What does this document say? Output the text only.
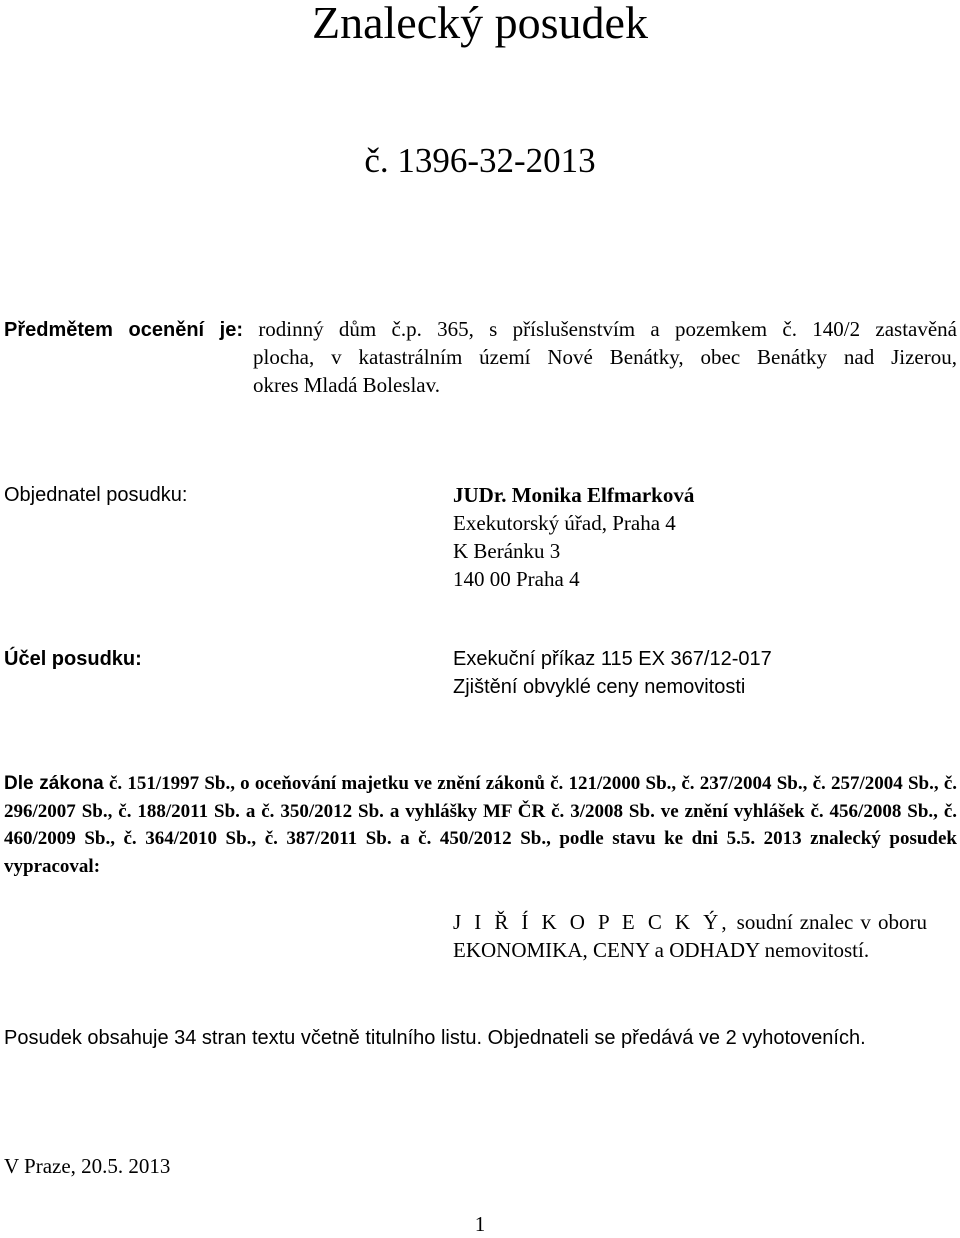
Znalecký posudek
č. 1396-32-2013
Předmětem ocenění je: rodinný dům č.p. 365, s příslušenstvím a pozemkem č. 140/2 zastavěná
plocha, v katastrálním území Nové Benátky, obec Benátky nad Jizerou,
okres Mladá Boleslav.
Objednatel posudku:	JUDr. Monika Elfmarková
Exekutorský úřad, Praha 4
K Beránku 3
140 00 Praha 4
Účel posudku:	Exekuční příkaz 115 EX 367/12-017
Zjištění obvyklé ceny nemovitosti
Dle zákona č. 151/1997 Sb., o oceňování majetku ve znění zákonů č. 121/2000 Sb., č. 237/2004 Sb., č. 257/2004 Sb., č. 296/2007 Sb., č. 188/2011 Sb. a č. 350/2012 Sb. a vyhlášky MF ČR č. 3/2008 Sb. ve znění vyhlášek č. 456/2008 Sb., č. 460/2009 Sb., č. 364/2010 Sb., č. 387/2011 Sb. a č. 450/2012 Sb., podle stavu ke dni 5.5. 2013 znalecký posudek vypracoval:
J I Ř Í K O P E C K Ý, soudní znalec v oboru
EKONOMIKA, CENY a ODHADY nemovitostí.
Posudek obsahuje 34 stran textu včetně titulního listu. Objednateli se předává ve 2 vyhotoveních.
V Praze, 20.5. 2013
1
